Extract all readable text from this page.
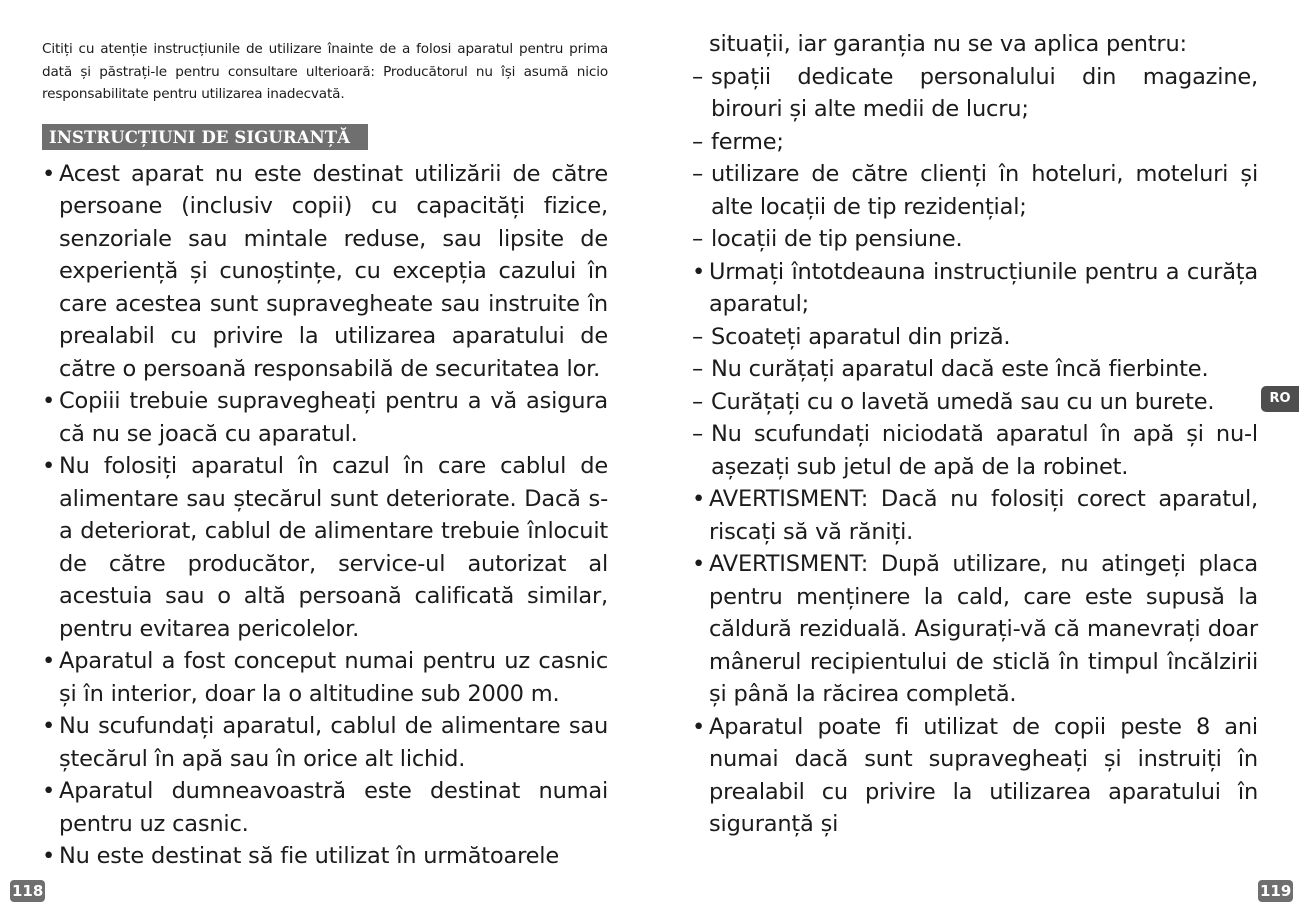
Citiți cu atenție instrucțiunile de utilizare înainte de a folosi aparatul pentru prima dată și păstrați-le pentru consultare ulterioară: Producătorul nu își asumă nicio responsabilitate pentru utilizarea inadecvată.
INSTRUCȚIUNI DE SIGURANȚĂ
• Acest aparat nu este destinat utilizării de către persoane (inclusiv copii) cu capacități fizice, senzoriale sau mintale reduse, sau lipsite de experiență și cunoștințe, cu excepția cazului în care acestea sunt supravegheate sau instruite în prealabil cu privire la utilizarea aparatului de către o persoană responsabilă de securitatea lor.
• Copiii trebuie supravegheați pentru a vă asigura că nu se joacă cu aparatul.
• Nu folosiți aparatul în cazul în care cablul de alimentare sau ștecărul sunt deteriorate. Dacă s-a deteriorat, cablul de alimentare trebuie înlocuit de către producător, service-ul autorizat al acestuia sau o altă persoană calificată similar, pentru evitarea pericolelor.
• Aparatul a fost conceput numai pentru uz casnic și în interior, doar la o altitudine sub 2000 m.
• Nu scufundați aparatul, cablul de alimentare sau ștecărul în apă sau în orice alt lichid.
• Aparatul dumneavoastră este destinat numai pentru uz casnic.
• Nu este destinat să fie utilizat în următoarele
situații, iar garanția nu se va aplica pentru:
– spații dedicate personalului din magazine, birouri și alte medii de lucru;
– ferme;
– utilizare de către clienți în hoteluri, moteluri și alte locații de tip rezidențial;
– locații de tip pensiune.
• Urmați întotdeauna instrucțiunile pentru a curăța aparatul;
– Scoateți aparatul din priză.
– Nu curățați aparatul dacă este încă fierbinte.
– Curățați cu o lavetă umedă sau cu un burete.
– Nu scufundați niciodată aparatul în apă și nu-l așezați sub jetul de apă de la robinet.
• AVERTISMENT: Dacă nu folosiți corect aparatul, riscați să vă răniți.
• AVERTISMENT: După utilizare, nu atingeți placa pentru menținere la cald, care este supusă la căldură reziduală. Asigurați-vă că manevrați doar mânerul recipientului de sticlă în timpul încălzirii și până la răcirea completă.
• Aparatul poate fi utilizat de copii peste 8 ani numai dacă sunt supravegheați și instruiți în prealabil cu privire la utilizarea aparatului în siguranță și
RO
118	119
